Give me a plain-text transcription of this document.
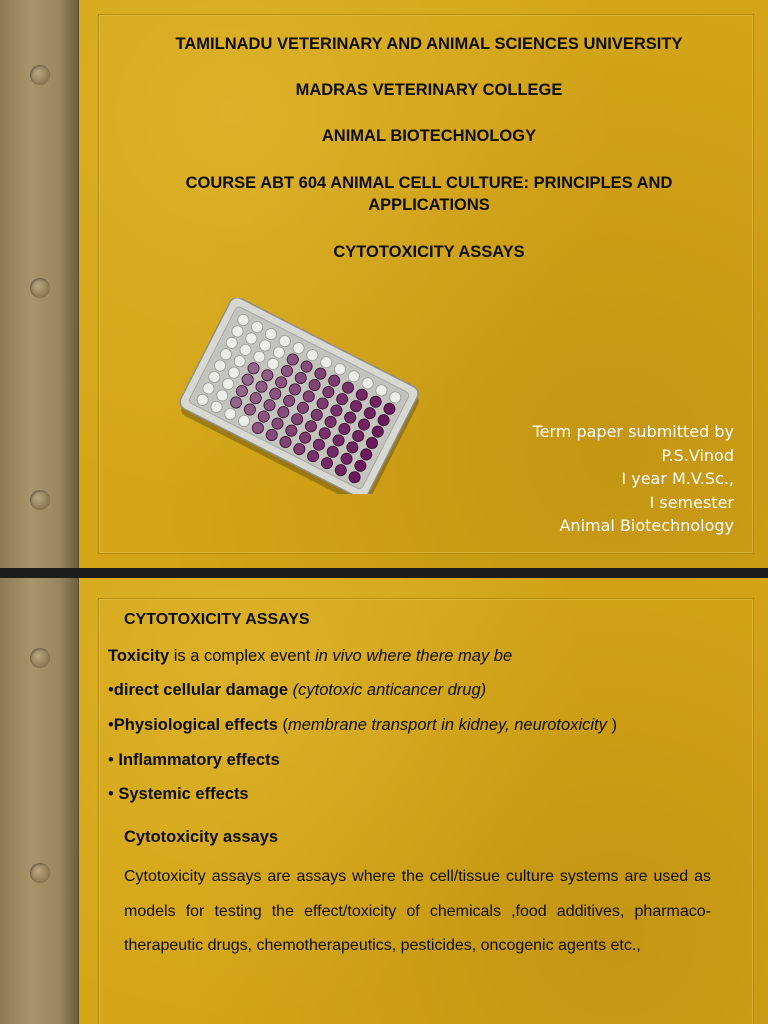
TAMILNADU VETERINARY AND ANIMAL SCIENCES UNIVERSITY
MADRAS VETERINARY COLLEGE
ANIMAL BIOTECHNOLOGY
COURSE ABT 604 ANIMAL CELL CULTURE: PRINCIPLES AND
APPLICATIONS
CYTOTOXICITY ASSAYS
Term paper submitted by
P.S.Vinod
I year M.V.Sc.,
I semester
Animal Biotechnology
CYTOTOXICITY ASSAYS
Toxicity is a complex event in vivo where there may be
•direct cellular damage (cytotoxic anticancer drug)
•Physiological effects (membrane transport in kidney, neurotoxicity )
• Inflammatory effects
• Systemic effects
Cytotoxicity assays
Cytotoxicity assays are assays where the cell/tissue culture systems are used as models for testing the effect/toxicity of chemicals ,food additives, pharmaco-therapeutic drugs, chemotherapeutics, pesticides, oncogenic agents etc.,
